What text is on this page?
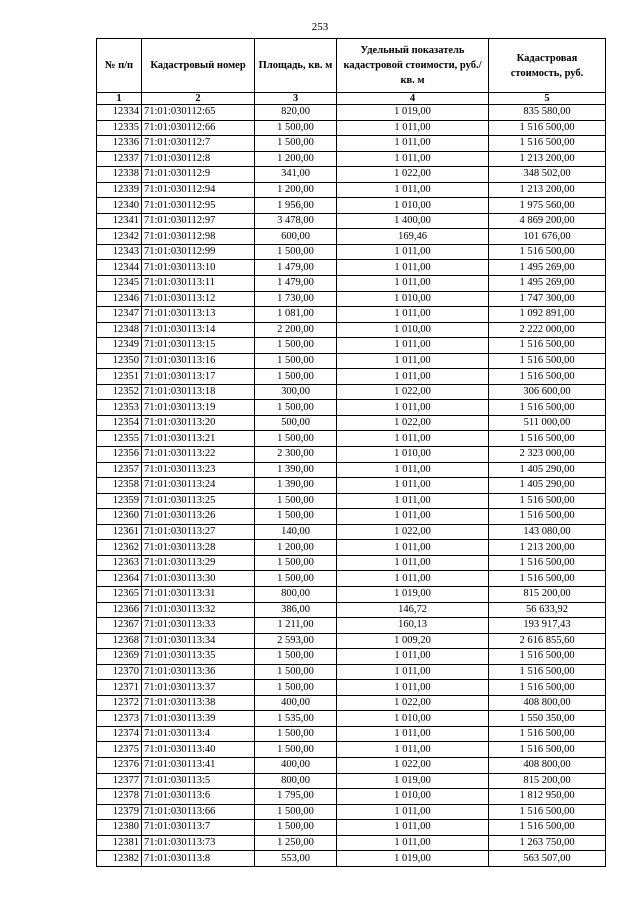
253
№ п/п	Кадастровый номер	Площадь, кв. м	Удельный показатель кадастровой стоимости, руб./кв. м	Кадастровая стоимость, руб.
1	2	3	4	5
12334	71:01:030112:65	820,00	1 019,00	835 580,00
12335	71:01:030112:66	1 500,00	1 011,00	1 516 500,00
12336	71:01:030112:7	1 500,00	1 011,00	1 516 500,00
12337	71:01:030112:8	1 200,00	1 011,00	1 213 200,00
12338	71:01:030112:9	341,00	1 022,00	348 502,00
12339	71:01:030112:94	1 200,00	1 011,00	1 213 200,00
12340	71:01:030112:95	1 956,00	1 010,00	1 975 560,00
12341	71:01:030112:97	3 478,00	1 400,00	4 869 200,00
12342	71:01:030112:98	600,00	169,46	101 676,00
12343	71:01:030112:99	1 500,00	1 011,00	1 516 500,00
12344	71:01:030113:10	1 479,00	1 011,00	1 495 269,00
12345	71:01:030113:11	1 479,00	1 011,00	1 495 269,00
12346	71:01:030113:12	1 730,00	1 010,00	1 747 300,00
12347	71:01:030113:13	1 081,00	1 011,00	1 092 891,00
12348	71:01:030113:14	2 200,00	1 010,00	2 222 000,00
12349	71:01:030113:15	1 500,00	1 011,00	1 516 500,00
12350	71:01:030113:16	1 500,00	1 011,00	1 516 500,00
12351	71:01:030113:17	1 500,00	1 011,00	1 516 500,00
12352	71:01:030113:18	300,00	1 022,00	306 600,00
12353	71:01:030113:19	1 500,00	1 011,00	1 516 500,00
12354	71:01:030113:20	500,00	1 022,00	511 000,00
12355	71:01:030113:21	1 500,00	1 011,00	1 516 500,00
12356	71:01:030113:22	2 300,00	1 010,00	2 323 000,00
12357	71:01:030113:23	1 390,00	1 011,00	1 405 290,00
12358	71:01:030113:24	1 390,00	1 011,00	1 405 290,00
12359	71:01:030113:25	1 500,00	1 011,00	1 516 500,00
12360	71:01:030113:26	1 500,00	1 011,00	1 516 500,00
12361	71:01:030113:27	140,00	1 022,00	143 080,00
12362	71:01:030113:28	1 200,00	1 011,00	1 213 200,00
12363	71:01:030113:29	1 500,00	1 011,00	1 516 500,00
12364	71:01:030113:30	1 500,00	1 011,00	1 516 500,00
12365	71:01:030113:31	800,00	1 019,00	815 200,00
12366	71:01:030113:32	386,00	146,72	56 633,92
12367	71:01:030113:33	1 211,00	160,13	193 917,43
12368	71:01:030113:34	2 593,00	1 009,20	2 616 855,60
12369	71:01:030113:35	1 500,00	1 011,00	1 516 500,00
12370	71:01:030113:36	1 500,00	1 011,00	1 516 500,00
12371	71:01:030113:37	1 500,00	1 011,00	1 516 500,00
12372	71:01:030113:38	400,00	1 022,00	408 800,00
12373	71:01:030113:39	1 535,00	1 010,00	1 550 350,00
12374	71:01:030113:4	1 500,00	1 011,00	1 516 500,00
12375	71:01:030113:40	1 500,00	1 011,00	1 516 500,00
12376	71:01:030113:41	400,00	1 022,00	408 800,00
12377	71:01:030113:5	800,00	1 019,00	815 200,00
12378	71:01:030113:6	1 795,00	1 010,00	1 812 950,00
12379	71:01:030113:66	1 500,00	1 011,00	1 516 500,00
12380	71:01:030113:7	1 500,00	1 011,00	1 516 500,00
12381	71:01:030113:73	1 250,00	1 011,00	1 263 750,00
12382	71:01:030113:8	553,00	1 019,00	563 507,00
